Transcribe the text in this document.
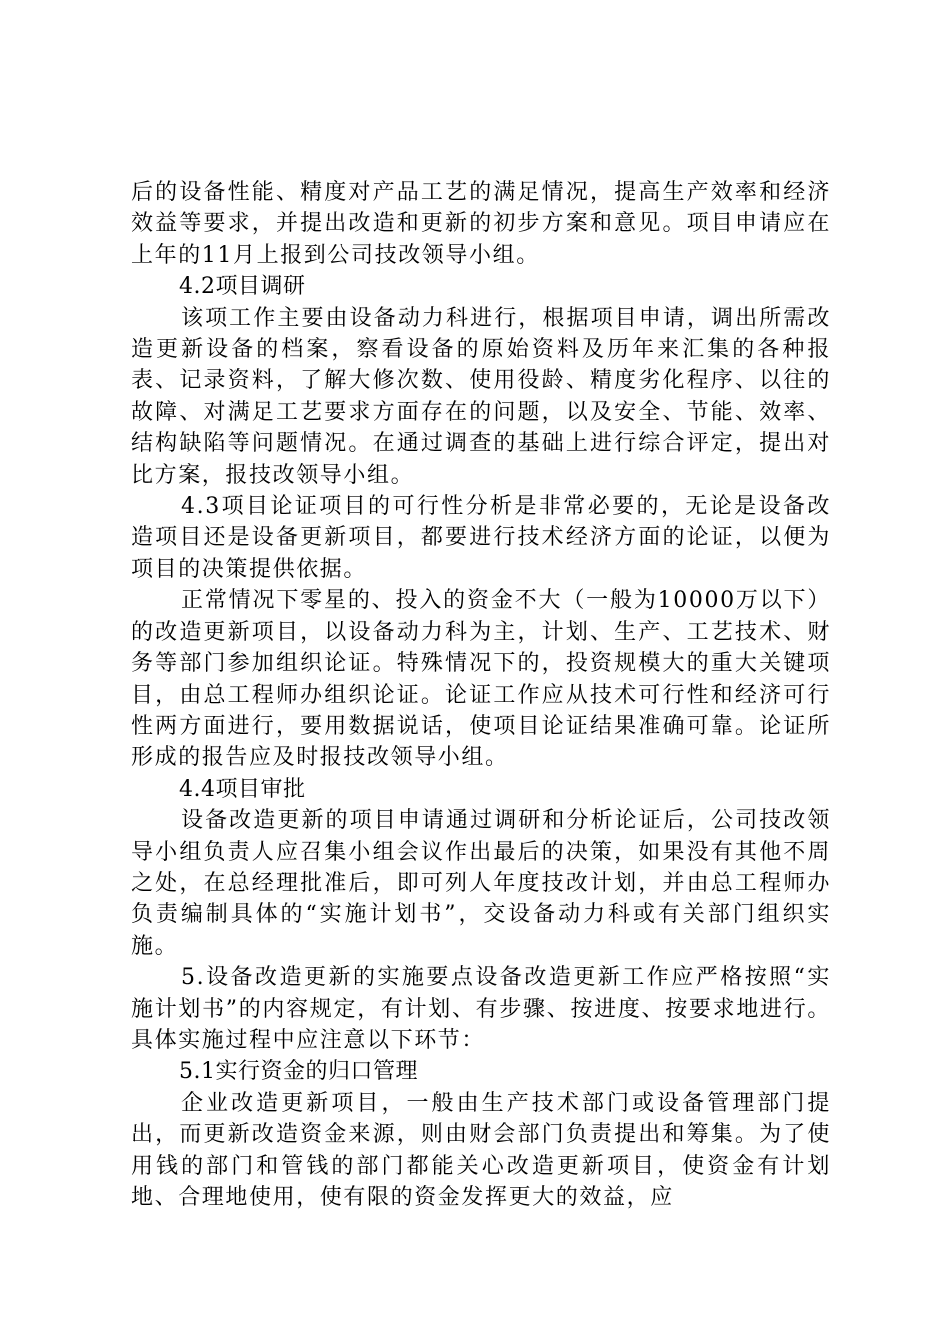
后的设备性能、精度对产品工艺的满足情况，提高生产效率和经济效益等要求，并提出改造和更新的初步方案和意见。项目申请应在上年的11月上报到公司技改领导小组。

4.2项目调研

该项工作主要由设备动力科进行，根据项目申请，调出所需改造更新设备的档案，察看设备的原始资料及历年来汇集的各种报表、记录资料，了解大修次数、使用役龄、精度劣化程序、以往的故障、对满足工艺要求方面存在的问题，以及安全、节能、效率、结构缺陷等问题情况。在通过调查的基础上进行综合评定，提出对比方案，报技改领导小组。

4.3项目论证项目的可行性分析是非常必要的，无论是设备改造项目还是设备更新项目，都要进行技术经济方面的论证，以便为项目的决策提供依据。

正常情况下零星的、投入的资金不大（一般为10000万以下）的改造更新项目，以设备动力科为主，计划、生产、工艺技术、财务等部门参加组织论证。特殊情况下的，投资规模大的重大关键项目，由总工程师办组织论证。论证工作应从技术可行性和经济可行性两方面进行，要用数据说话，使项目论证结果准确可靠。论证所形成的报告应及时报技改领导小组。

4.4项目审批

设备改造更新的项目申请通过调研和分析论证后，公司技改领导小组负责人应召集小组会议作出最后的决策，如果没有其他不周之处，在总经理批准后，即可列人年度技改计划，并由总工程师办负责编制具体的“实施计划书”，交设备动力科或有关部门组织实施。

5.设备改造更新的实施要点设备改造更新工作应严格按照“实施计划书”的内容规定，有计划、有步骤、按进度、按要求地进行。具体实施过程中应注意以下环节：

5.1实行资金的归口管理

企业改造更新项目，一般由生产技术部门或设备管理部门提出，而更新改造资金来源，则由财会部门负责提出和筹集。为了使用钱的部门和管钱的部门都能关心改造更新项目，使资金有计划地、合理地使用，使有限的资金发挥更大的效益，应
